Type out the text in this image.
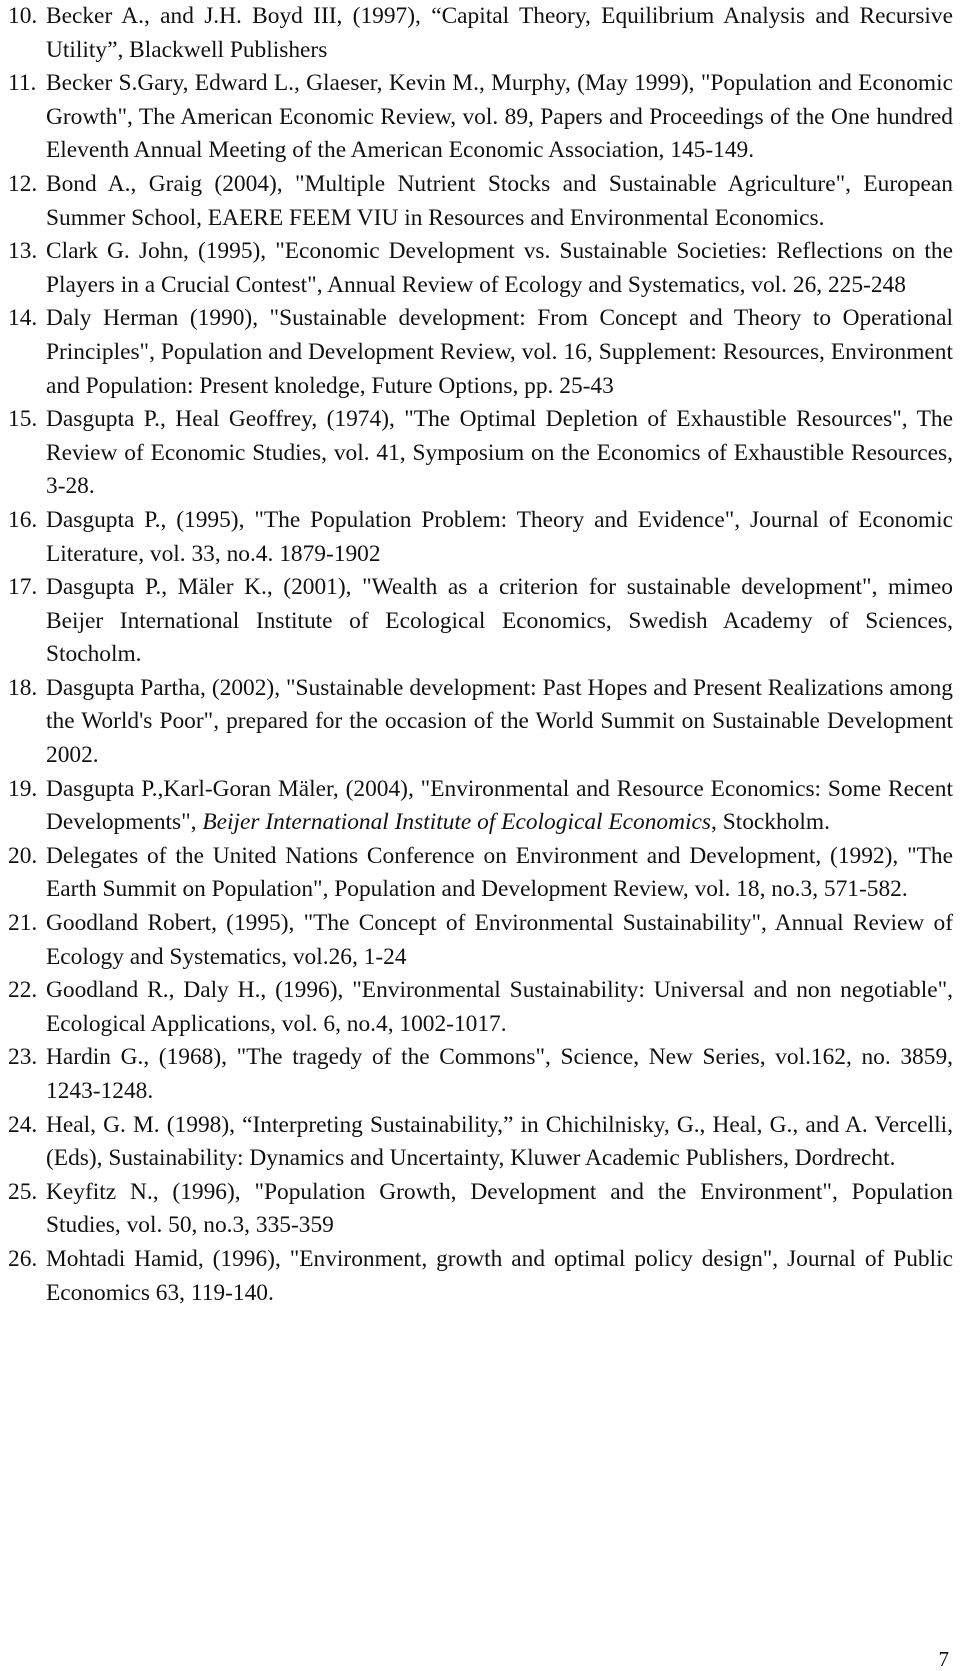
10. Becker A., and J.H. Boyd III, (1997), “Capital Theory, Equilibrium Analysis and Recursive Utility”, Blackwell Publishers
11. Becker S.Gary, Edward L., Glaeser, Kevin M., Murphy, (May 1999), "Population and Economic Growth", The American Economic Review, vol. 89, Papers and Proceedings of the One hundred Eleventh Annual Meeting of the American Economic Association, 145-149.
12. Bond A., Graig (2004), "Multiple Nutrient Stocks and Sustainable Agriculture", European Summer School, EAERE FEEM VIU in Resources and Environmental Economics.
13. Clark G. John, (1995), "Economic Development vs. Sustainable Societies: Reflections on the Players in a Crucial Contest", Annual Review of Ecology and Systematics, vol. 26, 225-248
14. Daly Herman (1990), "Sustainable development: From Concept and Theory to Operational Principles", Population and Development Review, vol. 16, Supplement: Resources, Environment and Population: Present knoledge, Future Options, pp. 25-43
15. Dasgupta P., Heal Geoffrey, (1974), "The Optimal Depletion of Exhaustible Resources", The Review of Economic Studies, vol. 41, Symposium on the Economics of Exhaustible Resources, 3-28.
16. Dasgupta P., (1995), "The Population Problem: Theory and Evidence", Journal of Economic Literature, vol. 33, no.4. 1879-1902
17. Dasgupta P., Mäler K., (2001), "Wealth as a criterion for sustainable development", mimeo Beijer International Institute of Ecological Economics, Swedish Academy of Sciences, Stocholm.
18. Dasgupta Partha, (2002), "Sustainable development: Past Hopes and Present Realizations among the World's Poor", prepared for the occasion of the World Summit on Sustainable Development 2002.
19. Dasgupta P.,Karl-Goran Mäler, (2004), "Environmental and Resource Economics: Some Recent Developments", Beijer International Institute of Ecological Economics, Stockholm.
20. Delegates of the United Nations Conference on Environment and Development, (1992), "The Earth Summit on Population", Population and Development Review, vol. 18, no.3, 571-582.
21. Goodland Robert, (1995), "The Concept of Environmental Sustainability", Annual Review of Ecology and Systematics, vol.26, 1-24
22. Goodland R., Daly H., (1996), "Environmental Sustainability: Universal and non negotiable", Ecological Applications, vol. 6, no.4, 1002-1017.
23. Hardin G., (1968), "The tragedy of the Commons", Science, New Series, vol.162, no. 3859, 1243-1248.
24. Heal, G. M. (1998), “Interpreting Sustainability,” in Chichilnisky, G., Heal, G., and A. Vercelli, (Eds), Sustainability: Dynamics and Uncertainty, Kluwer Academic Publishers, Dordrecht.
25. Keyfitz N., (1996), "Population Growth, Development and the Environment", Population Studies, vol. 50, no.3, 335-359
26. Mohtadi Hamid, (1996), "Environment, growth and optimal policy design", Journal of Public Economics 63, 119-140.
7
